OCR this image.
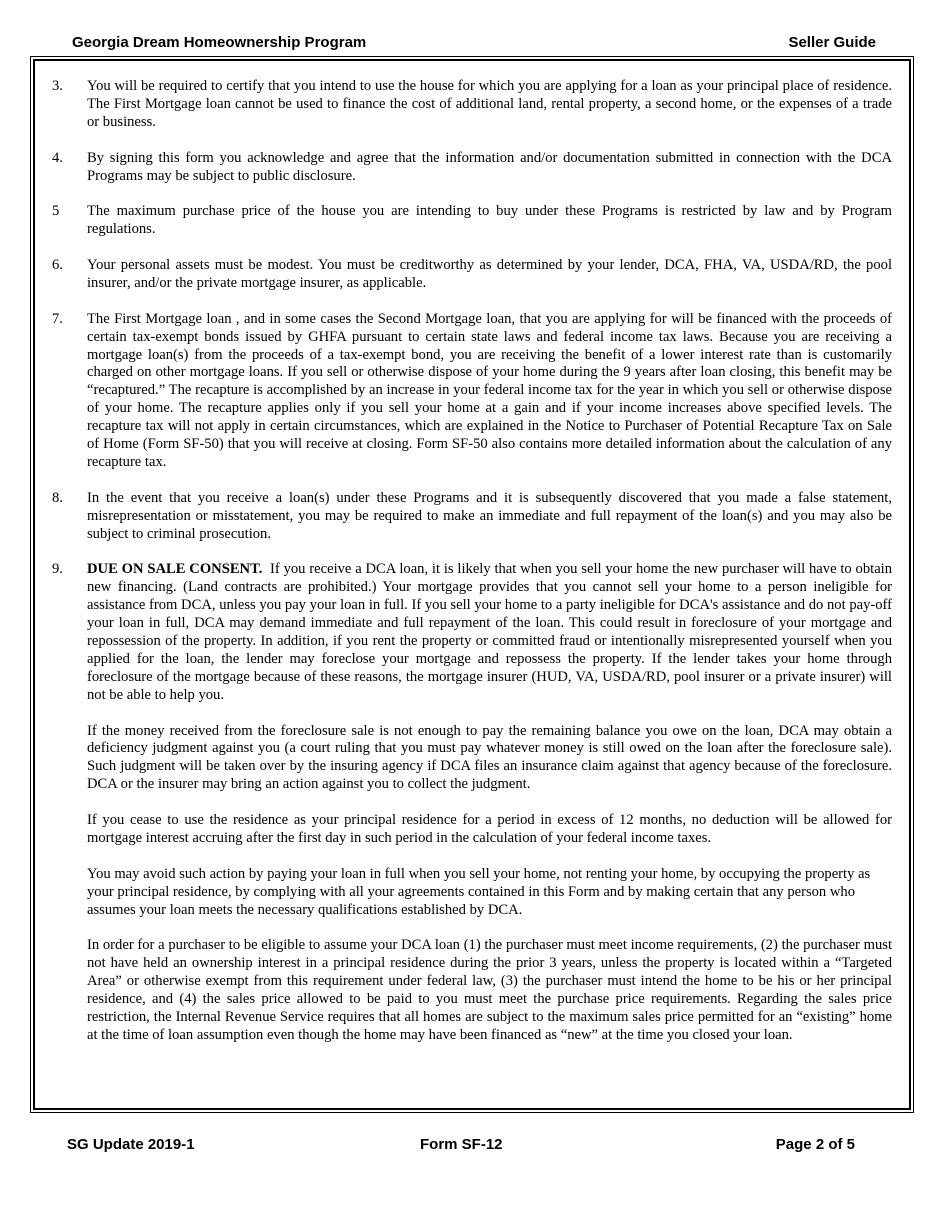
Georgia Dream Homeownership Program	Seller Guide
3. You will be required to certify that you intend to use the house for which you are applying for a loan as your principal place of residence. The First Mortgage loan cannot be used to finance the cost of additional land, rental property, a second home, or the expenses of a trade or business.

4. By signing this form you acknowledge and agree that the information and/or documentation submitted in connection with the DCA Programs may be subject to public disclosure.

5 The maximum purchase price of the house you are intending to buy under these Programs is restricted by law and by Program regulations.

6. Your personal assets must be modest. You must be creditworthy as determined by your lender, DCA, FHA, VA, USDA/RD, the pool insurer, and/or the private mortgage insurer, as applicable.

7. The First Mortgage loan , and in some cases the Second Mortgage loan, that you are applying for will be financed with the proceeds of certain tax-exempt bonds issued by GHFA pursuant to certain state laws and federal income tax laws. Because you are receiving a mortgage loan(s) from the proceeds of a tax-exempt bond, you are receiving the benefit of a lower interest rate than is customarily charged on other mortgage loans. If you sell or otherwise dispose of your home during the 9 years after loan closing, this benefit may be “recaptured.” The recapture is accomplished by an increase in your federal income tax for the year in which you sell or otherwise dispose of your home. The recapture applies only if you sell your home at a gain and if your income increases above specified levels. The recapture tax will not apply in certain circumstances, which are explained in the Notice to Purchaser of Potential Recapture Tax on Sale of Home (Form SF-50) that you will receive at closing. Form SF-50 also contains more detailed information about the calculation of any recapture tax.

8. In the event that you receive a loan(s) under these Programs and it is subsequently discovered that you made a false statement, misrepresentation or misstatement, you may be required to make an immediate and full repayment of the loan(s) and you may also be subject to criminal prosecution.

9. DUE ON SALE CONSENT. If you receive a DCA loan, it is likely that when you sell your home the new purchaser will have to obtain new financing. (Land contracts are prohibited.) Your mortgage provides that you cannot sell your home to a person ineligible for assistance from DCA, unless you pay your loan in full. If you sell your home to a party ineligible for DCA's assistance and do not pay-off your loan in full, DCA may demand immediate and full repayment of the loan. This could result in foreclosure of your mortgage and repossession of the property. In addition, if you rent the property or committed fraud or intentionally misrepresented yourself when you applied for the loan, the lender may foreclose your mortgage and repossess the property. If the lender takes your home through foreclosure of the mortgage because of these reasons, the mortgage insurer (HUD, VA, USDA/RD, pool insurer or a private insurer) will not be able to help you.

If the money received from the foreclosure sale is not enough to pay the remaining balance you owe on the loan, DCA may obtain a deficiency judgment against you (a court ruling that you must pay whatever money is still owed on the loan after the foreclosure sale). Such judgment will be taken over by the insuring agency if DCA files an insurance claim against that agency because of the foreclosure. DCA or the insurer may bring an action against you to collect the judgment.

If you cease to use the residence as your principal residence for a period in excess of 12 months, no deduction will be allowed for mortgage interest accruing after the first day in such period in the calculation of your federal income taxes.

You may avoid such action by paying your loan in full when you sell your home, not renting your home, by occupying the property as your principal residence, by complying with all your agreements contained in this Form and by making certain that any person who assumes your loan meets the necessary qualifications established by DCA.

In order for a purchaser to be eligible to assume your DCA loan (1) the purchaser must meet income requirements, (2) the purchaser must not have held an ownership interest in a principal residence during the prior 3 years, unless the property is located within a “Targeted Area” or otherwise exempt from this requirement under federal law, (3) the purchaser must intend the home to be his or her principal residence, and (4) the sales price allowed to be paid to you must meet the purchase price requirements. Regarding the sales price restriction, the Internal Revenue Service requires that all homes are subject to the maximum sales price permitted for an “existing” home at the time of loan assumption even though the home may have been financed as “new” at the time you closed your loan.

SG Update 2019-1	Form SF-12	Page 2 of 5
